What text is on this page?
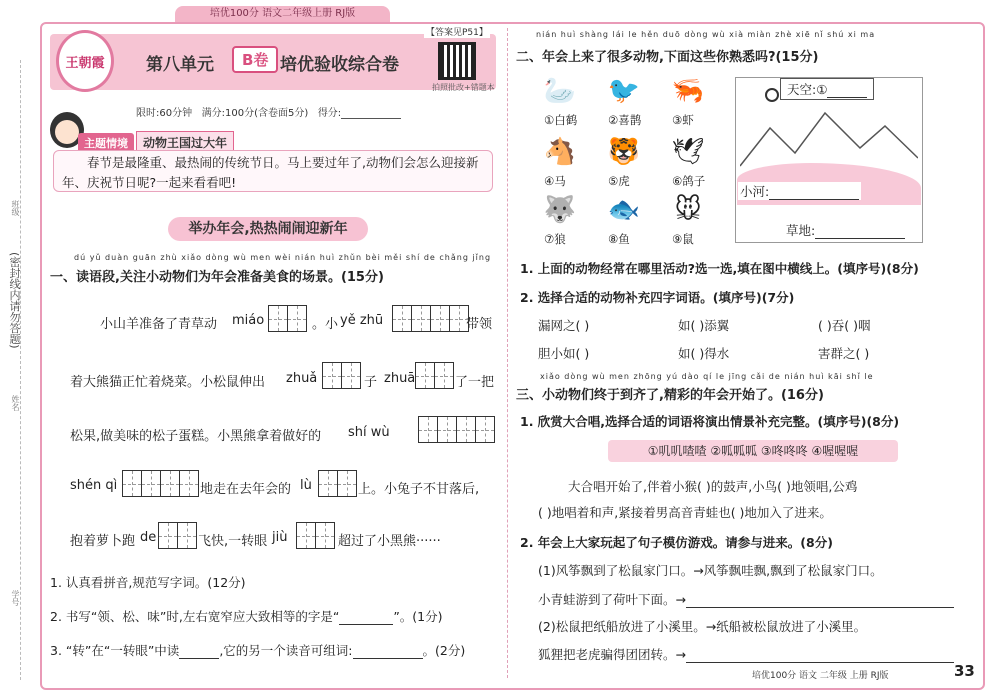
(密封线内请勿答题)
班级
姓名
学号
培优100分 语文二年级上册 RJ版
王朝霞	第八单元	B卷 培优验收综合卷
【答案见P51】
拍照批改+错题本
限时:60分钟 满分:100分(含卷面5分) 得分:
主题情境	动物王国过大年
春节是最隆重、最热闹的传统节日。马上要过年了,动物们会怎么迎接新年、庆祝节日呢?一起来看看吧!
举办年会,热热闹闹迎新年
dú yǔ duàn guān zhù xiǎo dòng wù men wèi nián huì zhǔn bèi měi shí de chǎng jǐng
一、读语段,关注小动物们为年会准备美食的场景。(15分)
小山羊准备了青草动 miáo	。小 yě zhū	带领
着大熊猫正忙着烧菜。小松鼠伸出 zhuǎ	子 zhuā	了一把
松果,做美味的松子蛋糕。小黑熊拿着做好的 shí wù
shén qì	地走在去年会的 lù	上。小兔子不甘落后,
抱着萝卜跑 de	飞快,一转眼 jiù	超过了小黑熊······
1. 认真看拼音,规范写字词。(12分)
2. 书写“领、松、味”时,左右宽窄应大致相等的字是“	”。(1分)
3. “转”在“一转眼”中读	,它的另一个读音可组词:	。(2分)
nián huì shàng lái le hěn duō dòng wù xià miàn zhè xiē nǐ shú xi ma
二、年会上来了很多动物,下面这些你熟悉吗?(15分)
🦢
①白鹤
🐦
②喜鹊
🦐
③虾
🐴
④马
🐯
⑤虎
🕊
⑥鸽子
🐺
⑦狼
🐟
⑧鱼
🐭
⑨鼠
天空:①
小河:
草地:
1. 上面的动物经常在哪里活动?选一选,填在图中横线上。(填序号)(8分)
2. 选择合适的动物补充四字词语。(填序号)(7分)
漏网之( )	如( )添翼	( )吞( )咽
胆小如( )	如( )得水	害群之( )
xiǎo dòng wù men zhōng yú dào qí le jīng cǎi de nián huì kāi shǐ le
三、小动物们终于到齐了,精彩的年会开始了。(16分)
1. 欣赏大合唱,选择合适的词语将演出情景补充完整。(填序号)(8分)
①叽叽喳喳 ②呱呱呱 ③咚咚咚 ④喔喔喔
大合唱开始了,伴着小猴( )的鼓声,小鸟( )地领唱,公鸡
( )地唱着和声,紧接着男高音青蛙也( )地加入了进来。
2. 年会上大家玩起了句子模仿游戏。请参与进来。(8分)
(1)风筝飘到了松鼠家门口。→风筝飘哇飘,飘到了松鼠家门口。
小青蛙游到了荷叶下面。→
(2)松鼠把纸船放进了小溪里。→纸船被松鼠放进了小溪里。
狐狸把老虎骗得团团转。→
培优100分 语文 二年级 上册 RJ版	33
